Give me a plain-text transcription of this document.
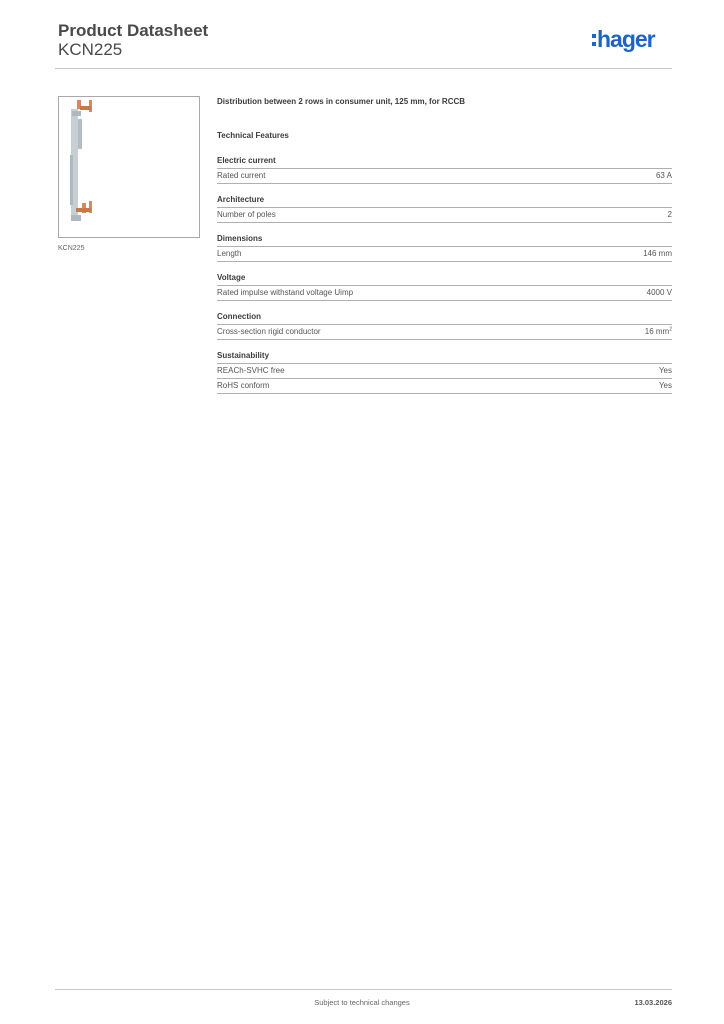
Product Datasheet
KCN225	hager
KCN225
Distribution between 2 rows in consumer unit, 125 mm, for RCCB
Technical Features
Electric current
Rated current	63 A
Architecture
Number of poles	2
Dimensions
Length	146 mm
Voltage
Rated impulse withstand voltage Uimp	4000 V
Connection
Cross-section rigid conductor	16 $mm^2$
Sustainability
REACh-SVHC free	Yes
RoHS conform	Yes
Subject to technical changes	13.03.2026
